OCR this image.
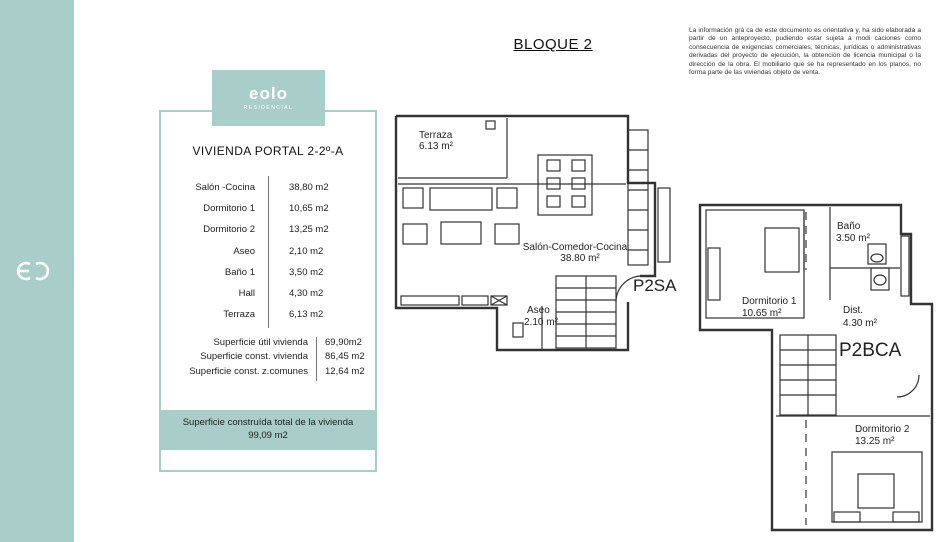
BLOQUE 2
La información grá ca de este documento es orientativa y, ha sido elaborada a partir de un anteproyecto, pudiendo estar sujeta a modi caciones como consecuencia de exigencias comerciales, técnicas, jurídicas o administrativas derivadas del proyecto de ejecución, la obtención de licencia municipal o la dirección de la obra. El mobiliario que se ha representado en los planos, no forma parte de las viviendas objeto de venta.
VIVIENDA PORTAL 2-2º-A
Salón -Cocina	38,80 m2
Dormitorio 1	10,65 m2
Dormitorio 2	13,25 m2
Aseo	2,10 m2
Baño 1	3,50 m2
Hall	4,30 m2
Terraza	6,13 m2
Superficie útil vivienda 69,90m2
Superficie const. vivienda 86,45 m2
Superficie const. z.comunes 12,64 m2
Superficie construída total de la vivienda
99,09 m2
eolo
RESIDENCIAL
Terraza
6.13 m²
Salón-Comedor-Cocina
38.80 m²
Aseo
2.10 m²
P2SA
Baño
3.50 m²
Dormitorio 1
10.65 m²	Dist.
4.30 m²
P2BCA
Dormitorio 2
13.25 m²
